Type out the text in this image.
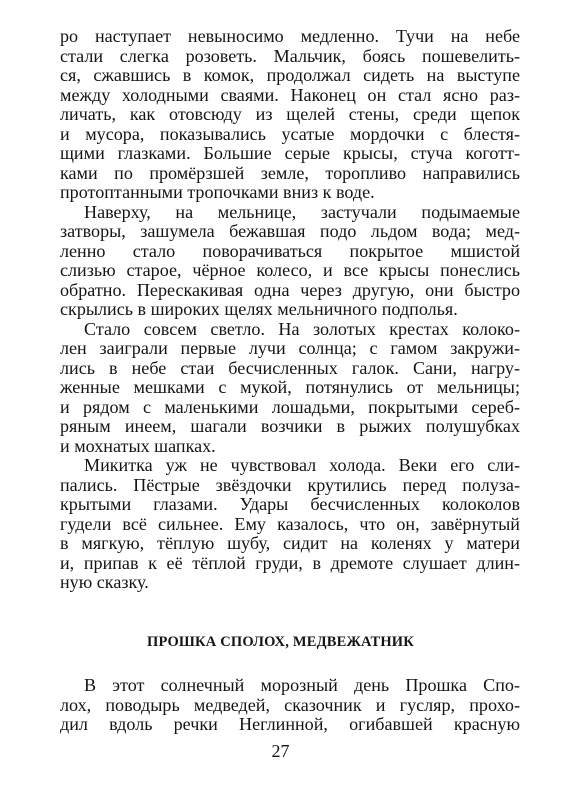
ро наступает невыносимо медленно. Тучи на небе
стали слегка розоветь. Мальчик, боясь пошевелить-
ся, сжавшись в комок, продолжал сидеть на выступе
между холодными сваями. Наконец он стал ясно раз-
личать, как отовсюду из щелей стены, среди щепок
и мусора, показывались усатые мордочки с блестя-
щими глазками. Большие серые крысы, стуча коготт-
ками по промёрзшей земле, торопливо направились
протоптанными тропочками вниз к воде.
Наверху, на мельнице, застучали подымаемые
затворы, зашумела бежавшая подо льдом вода; мед-
ленно стало поворачиваться покрытое мшистой
слизью старое, чёрное колесо, и все крысы понеслись
обратно. Перескакивая одна через другую, они быстро
скрылись в широких щелях мельничного подполья.
Стало совсем светло. На золотых крестах колоко-
лен заиграли первые лучи солнца; с гамом закружи-
лись в небе стаи бесчисленных галок. Сани, нагру-
женные мешками с мукой, потянулись от мельницы;
и рядом с маленькими лошадьми, покрытыми сереб-
ряным инеем, шагали возчики в рыжих полушубках
и мохнатых шапках.
Микитка уж не чувствовал холода. Веки его сли-
пались. Пёстрые звёздочки крутились перед полуза-
крытыми глазами. Удары бесчисленных колоколов
гудели всё сильнее. Ему казалось, что он, завёрнутый
в мягкую, тёплую шубу, сидит на коленях у матери
и, припав к её тёплой груди, в дремоте слушает длин-
ную сказку.
ПРОШКА СПОЛОХ, МЕДВЕЖАТНИК
В этот солнечный морозный день Прошка Спо-
лох, поводырь медведей, сказочник и гусляр, прохо-
дил вдоль речки Неглинной, огибавшей красную
27
